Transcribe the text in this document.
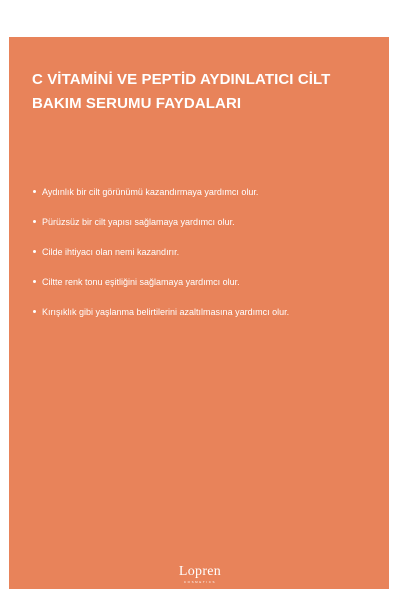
C VİTAMİNİ VE PEPTİD AYDINLATICI CİLT BAKIM SERUMU FAYDALARI
Aydınlık bir cilt görünümü kazandırmaya yardımcı olur.
Pürüzsüz bir cilt yapısı sağlamaya yardımcı olur.
Cilde ihtiyacı olan nemi kazandırır.
Ciltte renk tonu eşitliğini sağlamaya yardımcı olur.
Kırışıklık gibi yaşlanma belirtilerini azaltılmasına yardımcı olur.
Lopren
COSMETICS
